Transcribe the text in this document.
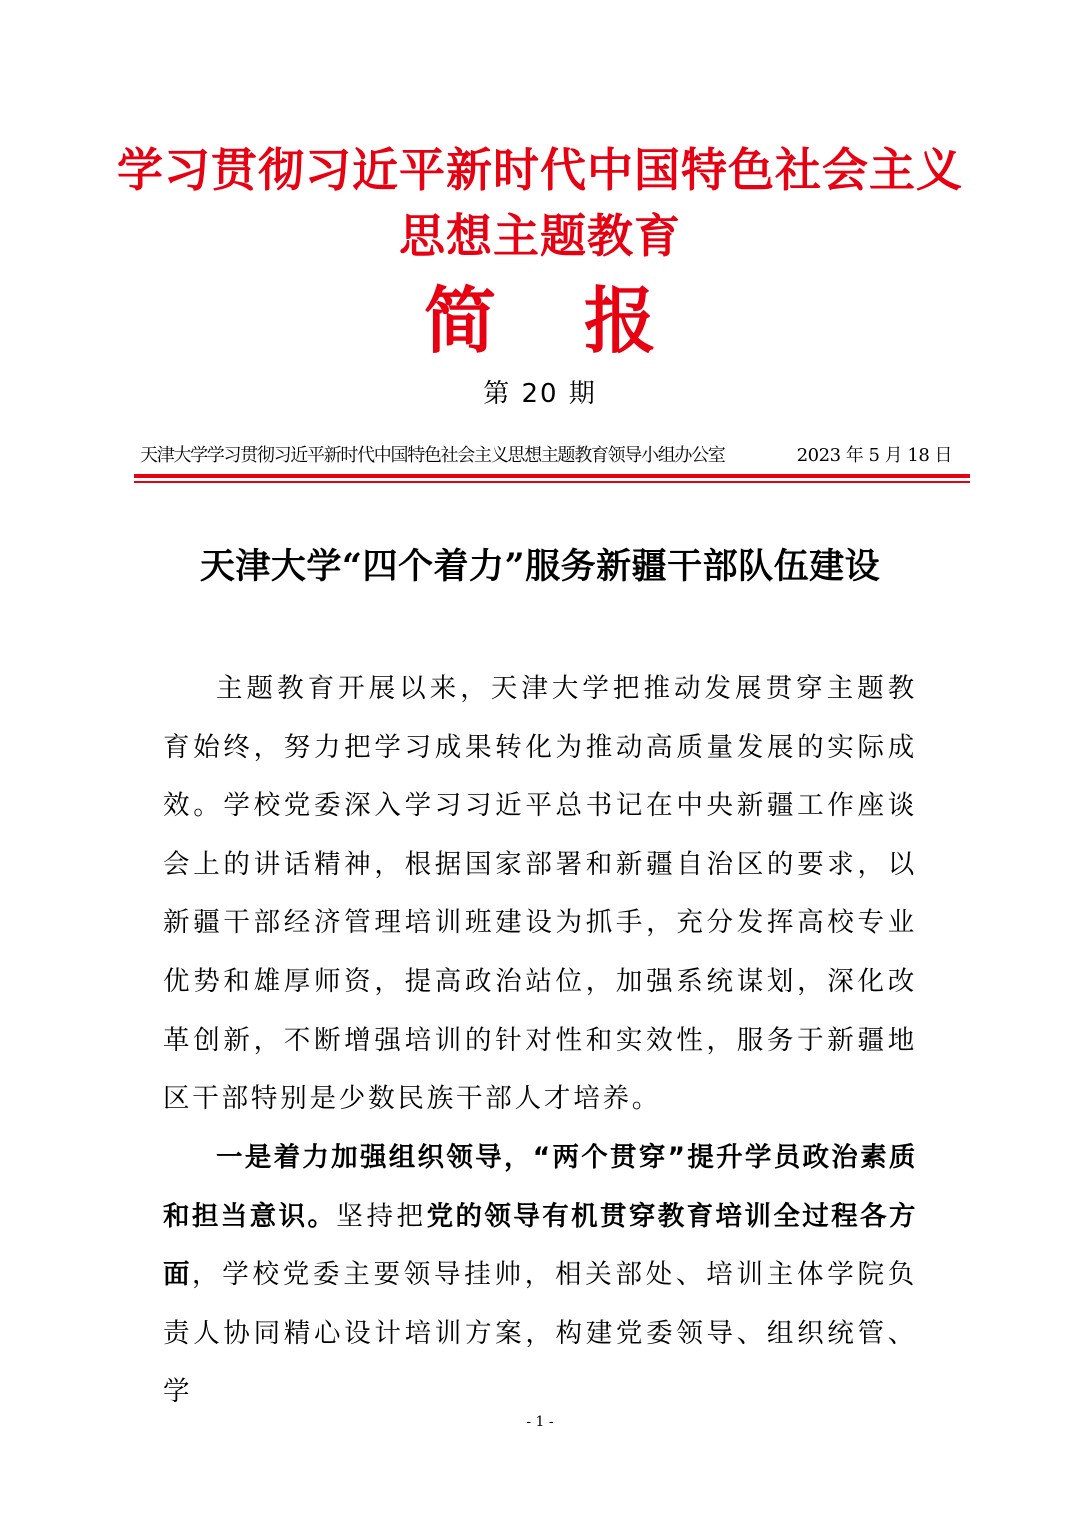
学习贯彻习近平新时代中国特色社会主义
思想主题教育
简 报

第 20 期

天津大学学习贯彻习近平新时代中国特色社会主义思想主题教育领导小组办公室	2023 年 5 月 18 日
天津大学“四个着力”服务新疆干部队伍建设

主题教育开展以来，天津大学把推动发展贯穿主题教育始终，努力把学习成果转化为推动高质量发展的实际成效。学校党委深入学习习近平总书记在中央新疆工作座谈会上的讲话精神，根据国家部署和新疆自治区的要求，以新疆干部经济管理培训班建设为抓手，充分发挥高校专业优势和雄厚师资，提高政治站位，加强系统谋划，深化改革创新，不断增强培训的针对性和实效性，服务于新疆地区干部特别是少数民族干部人才培养。

一是着力加强组织领导，“两个贯穿”提升学员政治素质和担当意识。坚持把党的领导有机贯穿教育培训全过程各方面，学校党委主要领导挂帅，相关部处、培训主体学院负责人协同精心设计培训方案，构建党委领导、组织统管、学

- 1 -
